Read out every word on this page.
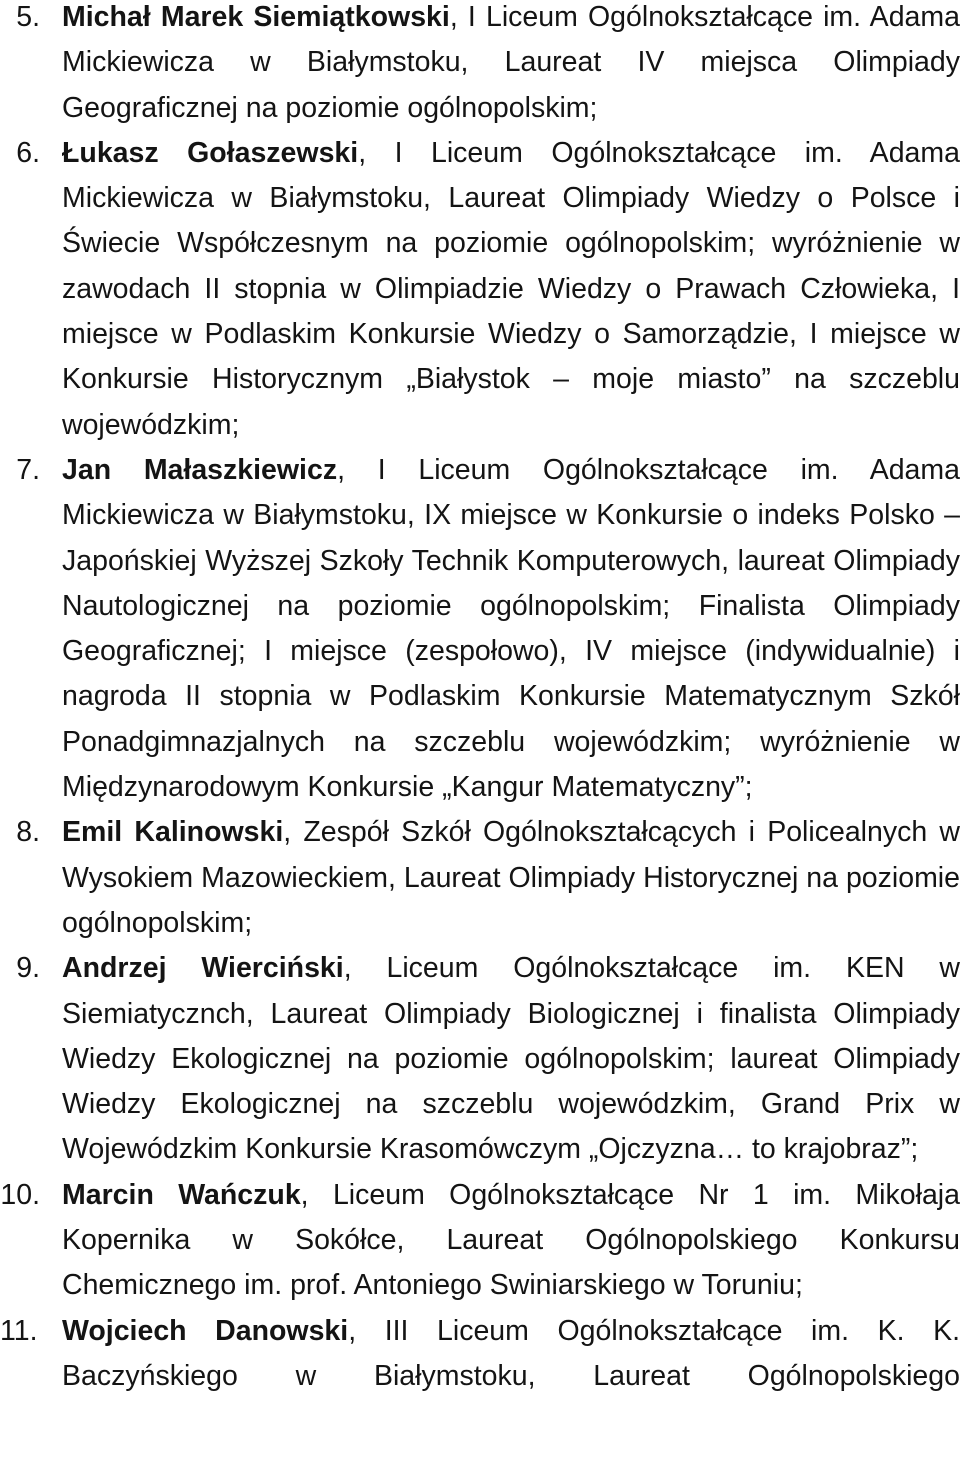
5. Michał Marek Siemiątkowski, I Liceum Ogólnokształcące im. Adama Mickiewicza w Białymstoku, Laureat IV miejsca Olimpiady Geograficznej na poziomie ogólnopolskim;
6. Łukasz Gołaszewski, I Liceum Ogólnokształcące im. Adama Mickiewicza w Białymstoku, Laureat Olimpiady Wiedzy o Polsce i Świecie Współczesnym na poziomie ogólnopolskim; wyróżnienie w zawodach II stopnia w Olimpiadzie Wiedzy o Prawach Człowieka, I miejsce w Podlaskim Konkursie Wiedzy o Samorządzie, I miejsce w Konkursie Historycznym „Białystok – moje miasto” na szczeblu wojewódzkim;
7. Jan Małaszkiewicz, I Liceum Ogólnokształcące im. Adama Mickiewicza w Białymstoku, IX miejsce w Konkursie o indeks Polsko – Japońskiej Wyższej Szkoły Technik Komputerowych, laureat Olimpiady Nautologicznej na poziomie ogólnopolskim; Finalista Olimpiady Geograficznej; I miejsce (zespołowo), IV miejsce (indywidualnie) i nagroda II stopnia w Podlaskim Konkursie Matematycznym Szkół Ponadgimnazjalnych na szczeblu wojewódzkim; wyróżnienie w Międzynarodowym Konkursie „Kangur Matematyczny”;
8. Emil Kalinowski, Zespół Szkół Ogólnokształcących i Policealnych w Wysokiem Mazowieckiem, Laureat Olimpiady Historycznej na poziomie ogólnopolskim;
9. Andrzej Wierciński, Liceum Ogólnokształcące im. KEN w Siemiatycznch, Laureat Olimpiady Biologicznej i finalista Olimpiady Wiedzy Ekologicznej na poziomie ogólnopolskim; laureat Olimpiady Wiedzy Ekologicznej na szczeblu wojewódzkim, Grand Prix w Wojewódzkim Konkursie Krasomówczym „Ojczyzna… to krajobraz”;
10. Marcin Wańczuk, Liceum Ogólnokształcące Nr 1 im. Mikołaja Kopernika w Sokółce, Laureat Ogólnopolskiego Konkursu Chemicznego im. prof. Antoniego Swiniarskiego w Toruniu;
11. Wojciech Danowski, III Liceum Ogólnokształcące im. K. K. Baczyńskiego w Białymstoku, Laureat Ogólnopolskiego
